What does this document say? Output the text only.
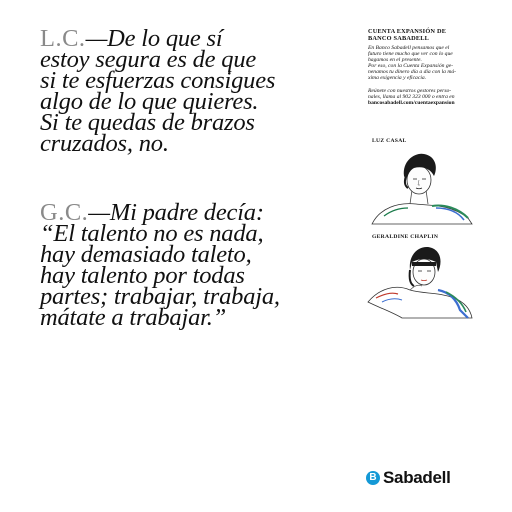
L.C.—De lo que sí
estoy segura es de que
si te esfuerzas consigues
algo de lo que quieres.
Si te quedas de brazos
cruzados, no.
G.C.—Mi padre decía:
“El talento no es nada,
hay demasiado taleto,
hay talento por todas
partes; trabajar, trabaja,
mátate a trabajar.”
CUENTA EXPANSIÓN DE
BANCO SABADELL

En Banco Sabadell pensamos que el

futuro tiene mucho que ver con lo que

hagamos en el presente.

Por eso, con la Cuenta Expansión ge-

nenamos tu dinero día a día con la má-

xima exigencia y eficacia.

Reúnete con nuestros gestores perso-

nales, llama al 902 323 000 o entra en

bancosabadell.com/cuentaexpansion

LUZ CASAL
GERALDINE CHAPLIN
B Sabadell
